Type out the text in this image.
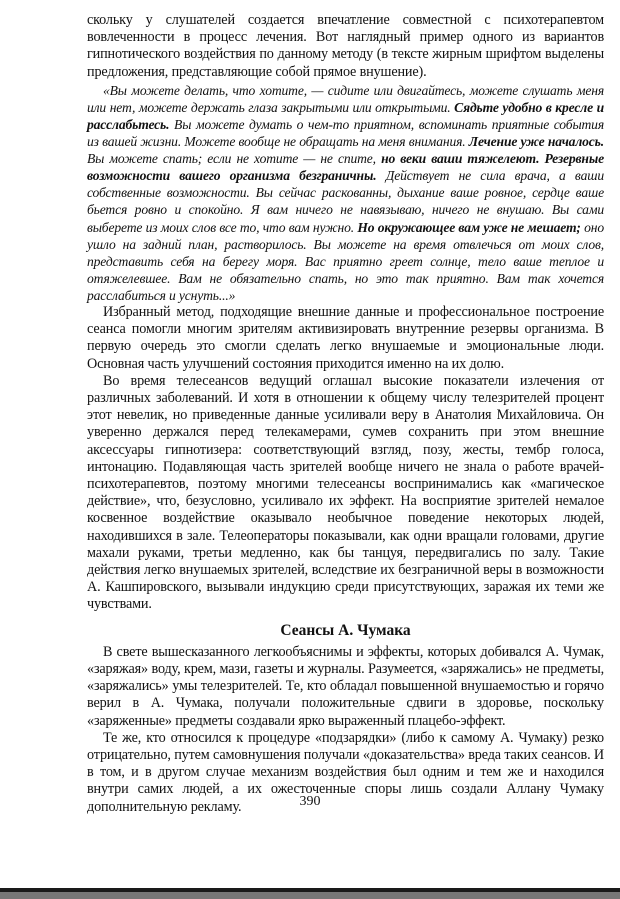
скольку у слушателей создается впечатление совместной с психотерапевтом вовлеченности в процесс лечения. Вот наглядный пример одного из вариантов гипнотического воздействия по данному методу (в тексте жирным шрифтом выделены предложения, представляющие собой прямое внушение).

«Вы можете делать, что хотите, — сидите или двигайтесь, можете слушать меня или нет, можете держать глаза закрытыми или открытыми. Сядьте удобно в кресле и расслабьтесь. Вы можете думать о чем-то приятном, вспоминать приятные события из вашей жизни. Можете вообще не обращать на меня внимания. Лечение уже началось. Вы можете спать; если не хотите — не спите, но веки ваши тяжелеют. Резервные возможности вашего организма безграничны. Действует не сила врача, а ваши собственные возможности. Вы сейчас раскованны, дыхание ваше ровное, сердце ваше бьется ровно и спокойно. Я вам ничего не навязываю, ничего не внушаю. Вы сами выберете из моих слов все то, что вам нужно. Но окружающее вам уже не мешает; оно ушло на задний план, растворилось. Вы можете на время отвлечься от моих слов, представить себя на берегу моря. Вас приятно греет солнце, тело ваше теплое и отяжелевшее. Вам не обязательно спать, но это так приятно. Вам так хочется расслабиться и уснуть...»

Избранный метод, подходящие внешние данные и профессиональное построение сеанса помогли многим зрителям активизировать внутренние резервы организма. В первую очередь это смогли сделать легко внушаемые и эмоциональные люди. Основная часть улучшений состояния приходится именно на их долю.

Во время телесеансов ведущий оглашал высокие показатели излечения от различных заболеваний. И хотя в отношении к общему числу телезрителей процент этот невелик, но приведенные данные усиливали веру в Анатолия Михайловича. Он уверенно держался перед телекамерами, сумев сохранить при этом внешние аксессуары гипнотизера: соответствующий взгляд, позу, жесты, тембр голоса, интонацию. Подавляющая часть зрителей вообще ничего не знала о работе врачей-психотерапевтов, поэтому многими телесеансы воспринимались как «магическое действие», что, безусловно, усиливало их эффект. На восприятие зрителей немалое косвенное воздействие оказывало необычное поведение некоторых людей, находившихся в зале. Телеоператоры показывали, как одни вращали головами, другие махали руками, третьи медленно, как бы танцуя, передвигались по залу. Такие действия легко внушаемых зрителей, вследствие их безграничной веры в возможности А. Кашпировского, вызывали индукцию среди присутствующих, заражая их теми же чувствами.

Сеансы А. Чумака

В свете вышесказанного легкообъяснимы и эффекты, которых добивался А. Чумак, «заряжая» воду, крем, мази, газеты и журналы. Разумеется, «заряжались» не предметы, «заряжались» умы телезрителей. Те, кто обладал повышенной внушаемостью и горячо верил в А. Чумака, получали положительные сдвиги в здоровье, поскольку «заряженные» предметы создавали ярко выраженный плацебо-эффект.

Те же, кто относился к процедуре «подзарядки» (либо к самому А. Чумаку) резко отрицательно, путем самовнушения получали «доказательства» вреда таких сеансов. И в том, и в другом случае механизм воздействия был одним и тем же и находился внутри самих людей, а их ожесточенные споры лишь создали Аллану Чумаку дополнительную рекламу.	390
